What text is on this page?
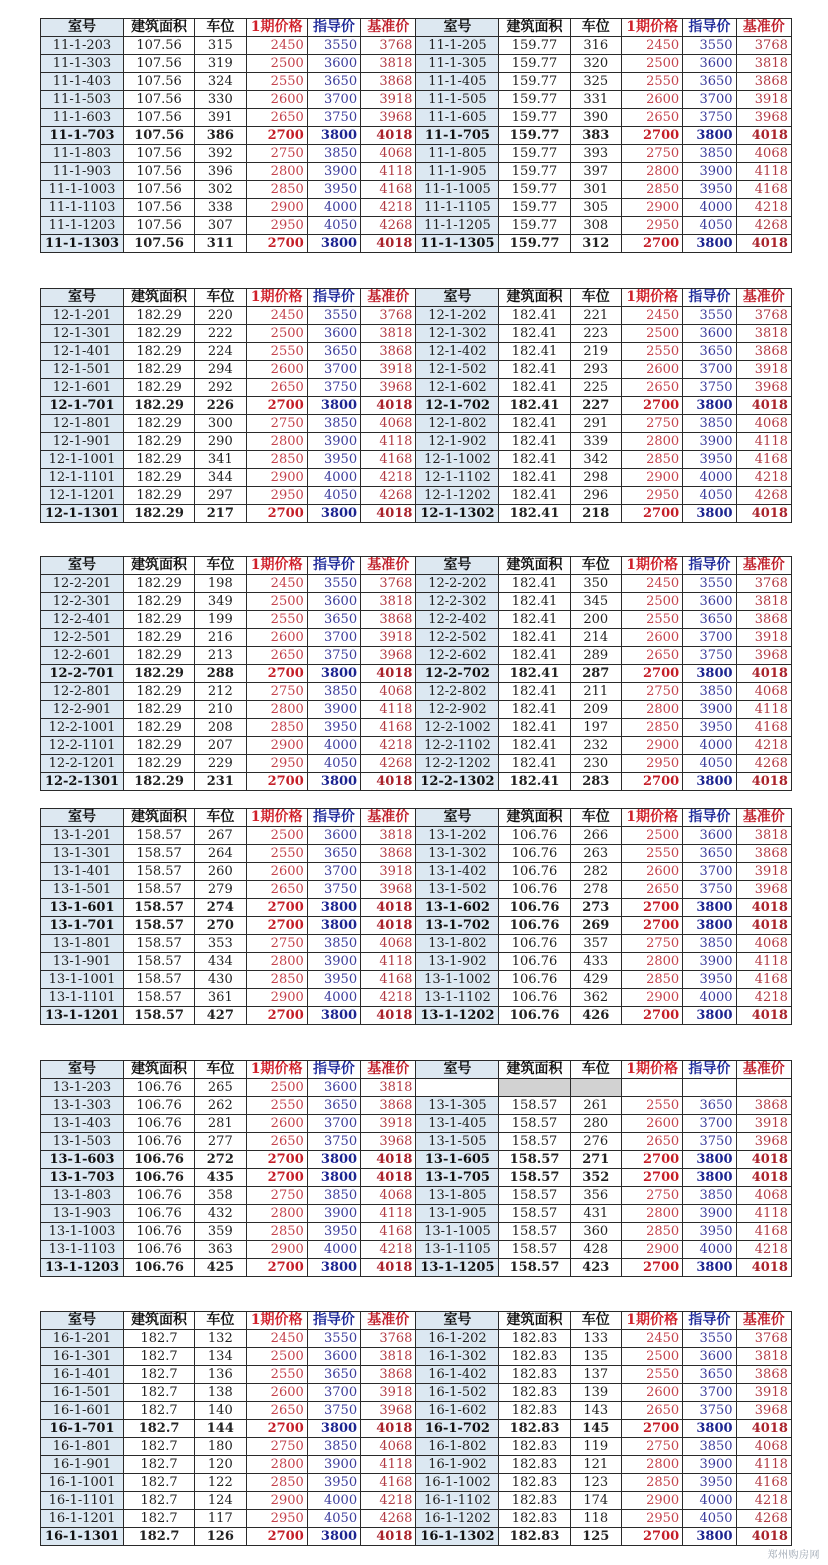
室号	建筑面积	车位	1期价格	指导价	基准价	室号	建筑面积	车位	1期价格	指导价	基准价
11-1-203	107.56	315	2450	3550	3768	11-1-205	159.77	316	2450	3550	3768
11-1-303	107.56	319	2500	3600	3818	11-1-305	159.77	320	2500	3600	3818
11-1-403	107.56	324	2550	3650	3868	11-1-405	159.77	325	2550	3650	3868
11-1-503	107.56	330	2600	3700	3918	11-1-505	159.77	331	2600	3700	3918
11-1-603	107.56	391	2650	3750	3968	11-1-605	159.77	390	2650	3750	3968
11-1-703	107.56	386	2700	3800	4018	11-1-705	159.77	383	2700	3800	4018
11-1-803	107.56	392	2750	3850	4068	11-1-805	159.77	393	2750	3850	4068
11-1-903	107.56	396	2800	3900	4118	11-1-905	159.77	397	2800	3900	4118
11-1-1003	107.56	302	2850	3950	4168	11-1-1005	159.77	301	2850	3950	4168
11-1-1103	107.56	338	2900	4000	4218	11-1-1105	159.77	305	2900	4000	4218
11-1-1203	107.56	307	2950	4050	4268	11-1-1205	159.77	308	2950	4050	4268
11-1-1303	107.56	311	2700	3800	4018	11-1-1305	159.77	312	2700	3800	4018
室号	建筑面积	车位	1期价格	指导价	基准价	室号	建筑面积	车位	1期价格	指导价	基准价
12-1-201	182.29	220	2450	3550	3768	12-1-202	182.41	221	2450	3550	3768
12-1-301	182.29	222	2500	3600	3818	12-1-302	182.41	223	2500	3600	3818
12-1-401	182.29	224	2550	3650	3868	12-1-402	182.41	219	2550	3650	3868
12-1-501	182.29	294	2600	3700	3918	12-1-502	182.41	293	2600	3700	3918
12-1-601	182.29	292	2650	3750	3968	12-1-602	182.41	225	2650	3750	3968
12-1-701	182.29	226	2700	3800	4018	12-1-702	182.41	227	2700	3800	4018
12-1-801	182.29	300	2750	3850	4068	12-1-802	182.41	291	2750	3850	4068
12-1-901	182.29	290	2800	3900	4118	12-1-902	182.41	339	2800	3900	4118
12-1-1001	182.29	341	2850	3950	4168	12-1-1002	182.41	342	2850	3950	4168
12-1-1101	182.29	344	2900	4000	4218	12-1-1102	182.41	298	2900	4000	4218
12-1-1201	182.29	297	2950	4050	4268	12-1-1202	182.41	296	2950	4050	4268
12-1-1301	182.29	217	2700	3800	4018	12-1-1302	182.41	218	2700	3800	4018
室号	建筑面积	车位	1期价格	指导价	基准价	室号	建筑面积	车位	1期价格	指导价	基准价
12-2-201	182.29	198	2450	3550	3768	12-2-202	182.41	350	2450	3550	3768
12-2-301	182.29	349	2500	3600	3818	12-2-302	182.41	345	2500	3600	3818
12-2-401	182.29	199	2550	3650	3868	12-2-402	182.41	200	2550	3650	3868
12-2-501	182.29	216	2600	3700	3918	12-2-502	182.41	214	2600	3700	3918
12-2-601	182.29	213	2650	3750	3968	12-2-602	182.41	289	2650	3750	3968
12-2-701	182.29	288	2700	3800	4018	12-2-702	182.41	287	2700	3800	4018
12-2-801	182.29	212	2750	3850	4068	12-2-802	182.41	211	2750	3850	4068
12-2-901	182.29	210	2800	3900	4118	12-2-902	182.41	209	2800	3900	4118
12-2-1001	182.29	208	2850	3950	4168	12-2-1002	182.41	197	2850	3950	4168
12-2-1101	182.29	207	2900	4000	4218	12-2-1102	182.41	232	2900	4000	4218
12-2-1201	182.29	229	2950	4050	4268	12-2-1202	182.41	230	2950	4050	4268
12-2-1301	182.29	231	2700	3800	4018	12-2-1302	182.41	283	2700	3800	4018
室号	建筑面积	车位	1期价格	指导价	基准价	室号	建筑面积	车位	1期价格	指导价	基准价
13-1-201	158.57	267	2500	3600	3818	13-1-202	106.76	266	2500	3600	3818
13-1-301	158.57	264	2550	3650	3868	13-1-302	106.76	263	2550	3650	3868
13-1-401	158.57	260	2600	3700	3918	13-1-402	106.76	282	2600	3700	3918
13-1-501	158.57	279	2650	3750	3968	13-1-502	106.76	278	2650	3750	3968
13-1-601	158.57	274	2700	3800	4018	13-1-602	106.76	273	2700	3800	4018
13-1-701	158.57	270	2700	3800	4018	13-1-702	106.76	269	2700	3800	4018
13-1-801	158.57	353	2750	3850	4068	13-1-802	106.76	357	2750	3850	4068
13-1-901	158.57	434	2800	3900	4118	13-1-902	106.76	433	2800	3900	4118
13-1-1001	158.57	430	2850	3950	4168	13-1-1002	106.76	429	2850	3950	4168
13-1-1101	158.57	361	2900	4000	4218	13-1-1102	106.76	362	2900	4000	4218
13-1-1201	158.57	427	2700	3800	4018	13-1-1202	106.76	426	2700	3800	4018
室号	建筑面积	车位	1期价格	指导价	基准价	室号	建筑面积	车位	1期价格	指导价	基准价
13-1-203	106.76	265	2500	3600	3818						
13-1-303	106.76	262	2550	3650	3868	13-1-305	158.57	261	2550	3650	3868
13-1-403	106.76	281	2600	3700	3918	13-1-405	158.57	280	2600	3700	3918
13-1-503	106.76	277	2650	3750	3968	13-1-505	158.57	276	2650	3750	3968
13-1-603	106.76	272	2700	3800	4018	13-1-605	158.57	271	2700	3800	4018
13-1-703	106.76	435	2700	3800	4018	13-1-705	158.57	352	2700	3800	4018
13-1-803	106.76	358	2750	3850	4068	13-1-805	158.57	356	2750	3850	4068
13-1-903	106.76	432	2800	3900	4118	13-1-905	158.57	431	2800	3900	4118
13-1-1003	106.76	359	2850	3950	4168	13-1-1005	158.57	360	2850	3950	4168
13-1-1103	106.76	363	2900	4000	4218	13-1-1105	158.57	428	2900	4000	4218
13-1-1203	106.76	425	2700	3800	4018	13-1-1205	158.57	423	2700	3800	4018
室号	建筑面积	车位	1期价格	指导价	基准价	室号	建筑面积	车位	1期价格	指导价	基准价
16-1-201	182.7	132	2450	3550	3768	16-1-202	182.83	133	2450	3550	3768
16-1-301	182.7	134	2500	3600	3818	16-1-302	182.83	135	2500	3600	3818
16-1-401	182.7	136	2550	3650	3868	16-1-402	182.83	137	2550	3650	3868
16-1-501	182.7	138	2600	3700	3918	16-1-502	182.83	139	2600	3700	3918
16-1-601	182.7	140	2650	3750	3968	16-1-602	182.83	143	2650	3750	3968
16-1-701	182.7	144	2700	3800	4018	16-1-702	182.83	145	2700	3800	4018
16-1-801	182.7	180	2750	3850	4068	16-1-802	182.83	119	2750	3850	4068
16-1-901	182.7	120	2800	3900	4118	16-1-902	182.83	121	2800	3900	4118
16-1-1001	182.7	122	2850	3950	4168	16-1-1002	182.83	123	2850	3950	4168
16-1-1101	182.7	124	2900	4000	4218	16-1-1102	182.83	174	2900	4000	4218
16-1-1201	182.7	117	2950	4050	4268	16-1-1202	182.83	118	2950	4050	4268
16-1-1301	182.7	126	2700	3800	4018	16-1-1302	182.83	125	2700	3800	4018
郑州购房网
